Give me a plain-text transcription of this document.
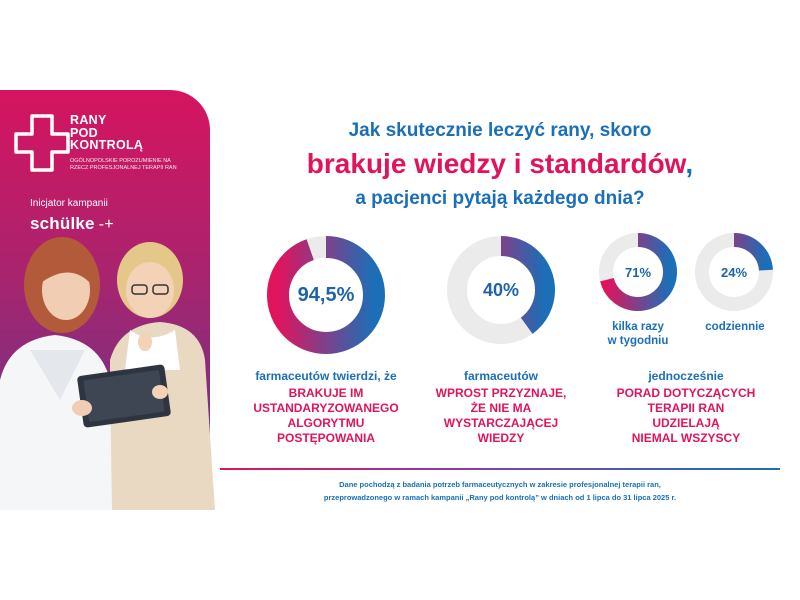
RANY
POD
KONTROLĄ
OGÓLNOPOLSKIE POROZUMIENIE NA RZECZ PROFESJONALNEJ TERAPII RAN
Inicjator kampanii
schülke -+
Jak skutecznie leczyć rany, skoro
brakuje wiedzy i standardów,
a pacjenci pytają każdego dnia?
94,5%	40%
71%	24%
kilka razy
w tygodniu
codziennie
farmaceutów twierdzi, że
BRAKUJE IM
USTANDARYZOWANEGO
ALGORYTMU
POSTĘPOWANIA
farmaceutów
WPROST PRZYZNAJE,
ŻE NIE MA
WYSTARCZAJĄCEJ
WIEDZY
jednocześnie
PORAD DOTYCZĄCYCH
TERAPII RAN
UDZIELAJĄ
NIEMAL WSZYSCY
Dane pochodzą z badania potrzeb farmaceutycznych w zakresie profesjonalnej terapii ran,
przeprowadzonego w ramach kampanii „Rany pod kontrolą” w dniach od 1 lipca do 31 lipca 2025 r.
